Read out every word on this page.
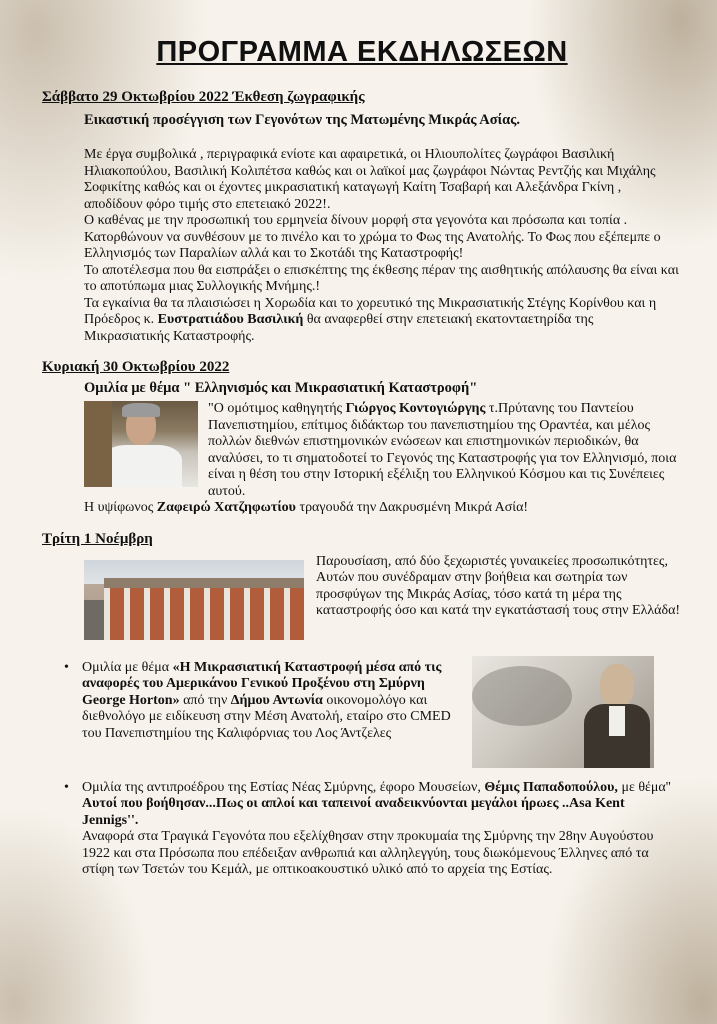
ΠΡΟΓΡΑΜΜΑ ΕΚΔΗΛΩΣΕΩΝ
Σάββατο 29 Οκτωβρίου 2022 Έκθεση ζωγραφικής
Εικαστική προσέγγιση των Γεγονότων της Ματωμένης Μικράς Ασίας.

Με έργα συμβολικά , περιγραφικά ενίοτε και αφαιρετικά, οι Ηλιουπολίτες ζωγράφοι Βασιλική Ηλιακοπούλου, Βασιλική Κολιπέτσα καθώς και οι λαϊκοί μας ζωγράφοι Νώντας Ρεντζής και Μιχάλης Σοφικίτης καθώς και οι έχοντες μικρασιατική καταγωγή Καίτη Τσαβαρή και Αλεξάνδρα Γκίνη , αποδίδουν φόρο τιμής στο επετειακό 2022!.

Ο καθένας με την προσωπική του ερμηνεία δίνουν μορφή στα γεγονότα και πρόσωπα και τοπία . Κατορθώνουν να συνθέσουν με το πινέλο και το χρώμα το Φως της Ανατολής. Το Φως που εξέπεμπε ο Ελληνισμός των Παραλίων αλλά και το Σκοτάδι της Καταστροφής!

Το αποτέλεσμα που θα εισπράξει ο επισκέπτης της έκθεσης πέραν της αισθητικής απόλαυσης θα είναι και το αποτύπωμα μιας Συλλογικής Μνήμης.!

Τα εγκαίνια θα τα πλαισιώσει η Χορωδία και το χορευτικό της Μικρασιατικής Στέγης Κορίνθου και η Πρόεδρος κ. Ευστρατιάδου Βασιλική θα αναφερθεί στην επετειακή εκατονταετηρίδα της Μικρασιατικής Καταστροφής.

Κυριακή 30 Οκτωβρίου 2022
Ομιλία με θέμα " Ελληνισμός και Μικρασιατική Καταστροφή"

"Ο ομότιμος καθηγητής Γιώργος Κοντογιώργης τ.Πρύτανης του Παντείου Πανεπιστημίου, επίτιμος διδάκτωρ του πανεπιστημίου της Οραντέα, και μέλος πολλών διεθνών επιστημονικών ενώσεων και επιστημονικών περιοδικών, θα αναλύσει, το τι σηματοδοτεί το Γεγονός της Καταστροφής για τον Ελληνισμό, ποια είναι η θέση του στην Ιστορική εξέλιξη του Ελληνικού Κόσμου και τις Συνέπειες αυτού.

Η υψίφωνος Ζαφειρώ Χατζηφωτίου τραγουδά την Δακρυσμένη Μικρά Ασία!

Τρίτη 1 Νοέμβρη

Παρουσίαση, από δύο ξεχωριστές γυναικείες προσωπικότητες, Αυτών που συνέδραμαν στην βοήθεια και σωτηρία των προσφύγων της Μικράς Ασίας, τόσο κατά τη μέρα της καταστροφής όσο και κατά την εγκατάστασή τους στην Ελλάδα!

• Ομιλία με θέμα «Η Μικρασιατική Καταστροφή μέσα από τις αναφορές του Αμερικάνου Γενικού Προξένου στη Σμύρνη George Horton» από την Δήμου Αντωνία οικονομολόγο και διεθνολόγο με ειδίκευση στην Μέση Ανατολή, εταίρο στο CMED του Πανεπιστημίου της Καλιφόρνιας του Λος Άντζελες

• Ομιλία της αντιπροέδρου της Εστίας Νέας Σμύρνης, έφορο Μουσείων, Θέμις Παπαδοπούλου, με θέμα'' Αυτοί που βοήθησαν...Πως οι απλοί και ταπεινοί αναδεικνύονται μεγάλοι ήρωες ..Asa Kent Jennigs''.
Αναφορά στα Τραγικά Γεγονότα που εξελίχθησαν στην προκυμαία της Σμύρνης την 28ην Αυγούστου 1922 και στα Πρόσωπα που επέδειξαν ανθρωπιά και αλληλεγγύη, τους διωκόμενους Έλληνες από τα στίφη των Τσετών του Κεμάλ, με οπτικοακουστικό υλικό από το αρχεία της Εστίας.
